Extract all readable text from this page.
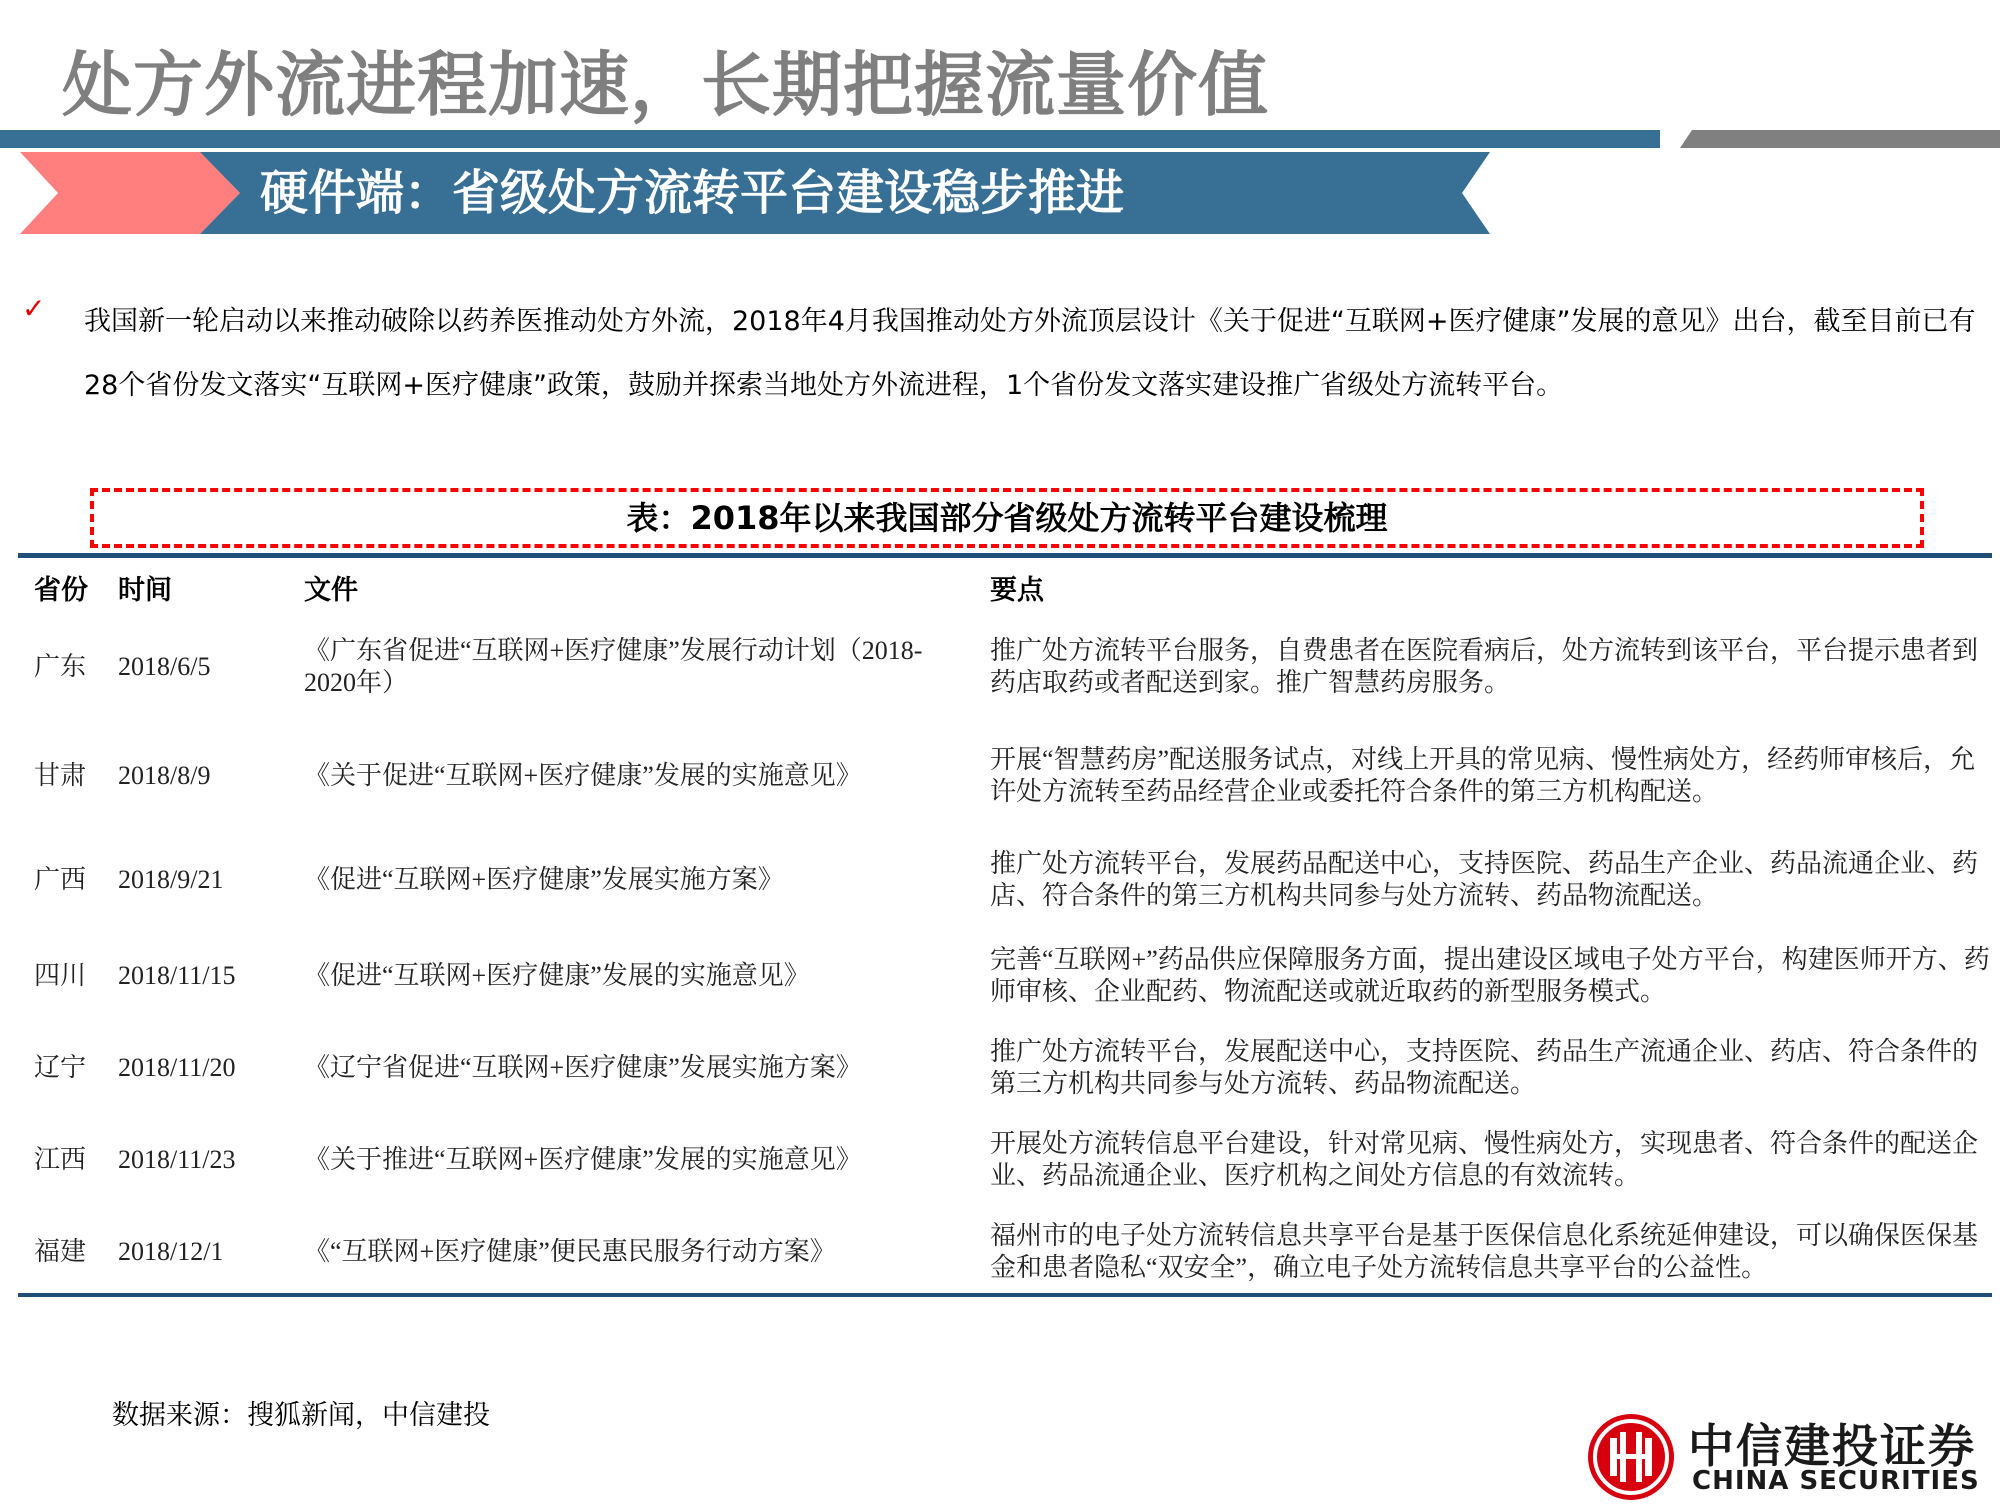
处方外流进程加速，长期把握流量价值
硬件端：省级处方流转平台建设稳步推进
✓ 我国新一轮启动以来推动破除以药养医推动处方外流，2018年4月我国推动处方外流顶层设计《关于促进“互联网+医疗健康”发展的意见》出台，截至目前已有28个省份发文落实“互联网+医疗健康”政策，鼓励并探索当地处方外流进程，1个省份发文落实建设推广省级处方流转平台。
表：2018年以来我国部分省级处方流转平台建设梳理
省份	时间	文件	要点
广东	2018/6/5	《广东省促进“互联网+医疗健康”发展行动计划（2018-2020年）	推广处方流转平台服务，自费患者在医院看病后，处方流转到该平台，平台提示患者到药店取药或者配送到家。推广智慧药房服务。
甘肃	2018/8/9	《关于促进“互联网+医疗健康”发展的实施意见》	开展“智慧药房”配送服务试点，对线上开具的常见病、慢性病处方，经药师审核后，允许处方流转至药品经营企业或委托符合条件的第三方机构配送。
广西	2018/9/21	《促进“互联网+医疗健康”发展实施方案》	推广处方流转平台，发展药品配送中心，支持医院、药品生产企业、药品流通企业、药店、符合条件的第三方机构共同参与处方流转、药品物流配送。
四川	2018/11/15	《促进“互联网+医疗健康”发展的实施意见》	完善“互联网+”药品供应保障服务方面，提出建设区域电子处方平台，构建医师开方、药师审核、企业配药、物流配送或就近取药的新型服务模式。
辽宁	2018/11/20	《辽宁省促进“互联网+医疗健康”发展实施方案》	推广处方流转平台，发展配送中心，支持医院、药品生产流通企业、药店、符合条件的第三方机构共同参与处方流转、药品物流配送。
江西	2018/11/23	《关于推进“互联网+医疗健康”发展的实施意见》	开展处方流转信息平台建设，针对常见病、慢性病处方，实现患者、符合条件的配送企业、药品流通企业、医疗机构之间处方信息的有效流转。
福建	2018/12/1	《“互联网+医疗健康”便民惠民服务行动方案》	福州市的电子处方流转信息共享平台是基于医保信息化系统延伸建设，可以确保医保基金和患者隐私“双安全”，确立电子处方流转信息共享平台的公益性。
数据来源：搜狐新闻，中信建投
中信建投证券
CHINA SECURITIES
